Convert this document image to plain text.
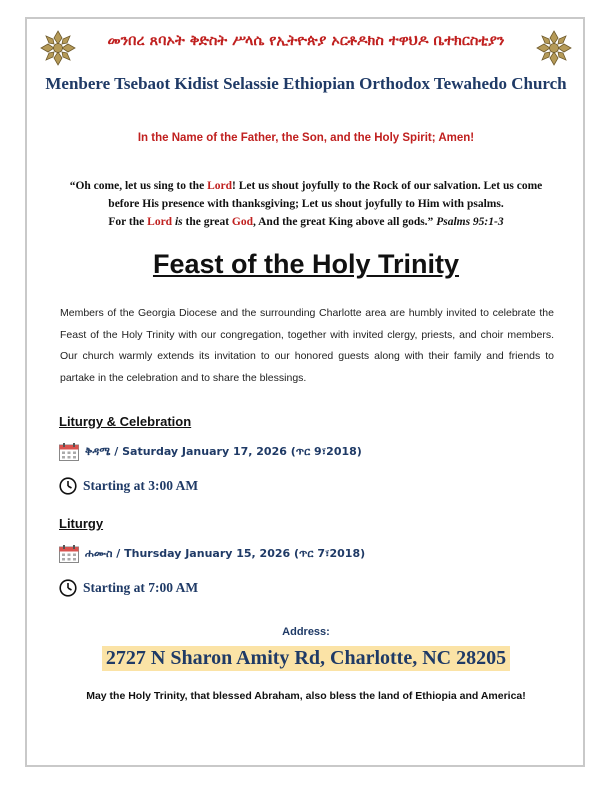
መንበረ ጸባኦት ቅድስት ሥላሴ የኢትዮጵያ ኦርቶዶክስ ተዋህዶ ቤተክርስቲያን
Menbere Tsebaot Kidist Selassie Ethiopian Orthodox Tewahedo Church
In the Name of the Father, the Son, and the Holy Spirit; Amen!
“Oh come, let us sing to the Lord! Let us shout joyfully to the Rock of our salvation. Let us come
before His presence with thanksgiving; Let us shout joyfully to Him with psalms.
For the Lord is the great God, And the great King above all gods.” Psalms 95:1-3
Feast of the Holy Trinity
Members of the Georgia Diocese and the surrounding Charlotte area are humbly invited to celebrate the Feast of the Holy Trinity with our congregation, together with invited clergy, priests, and choir members. Our church warmly extends its invitation to our honored guests along with their family and friends to partake in the celebration and to share the blessings.
Liturgy & Celebration
ቅዳሜ / Saturday January 17, 2026 (ጥር 9፣2018)
Starting at 3:00 AM
Liturgy
ሐሙስ / Thursday January 15, 2026 (ጥር 7፣2018)
Starting at 7:00 AM
Address:
2727 N Sharon Amity Rd, Charlotte, NC 28205
May the Holy Trinity, that blessed Abraham, also bless the land of Ethiopia and America!
